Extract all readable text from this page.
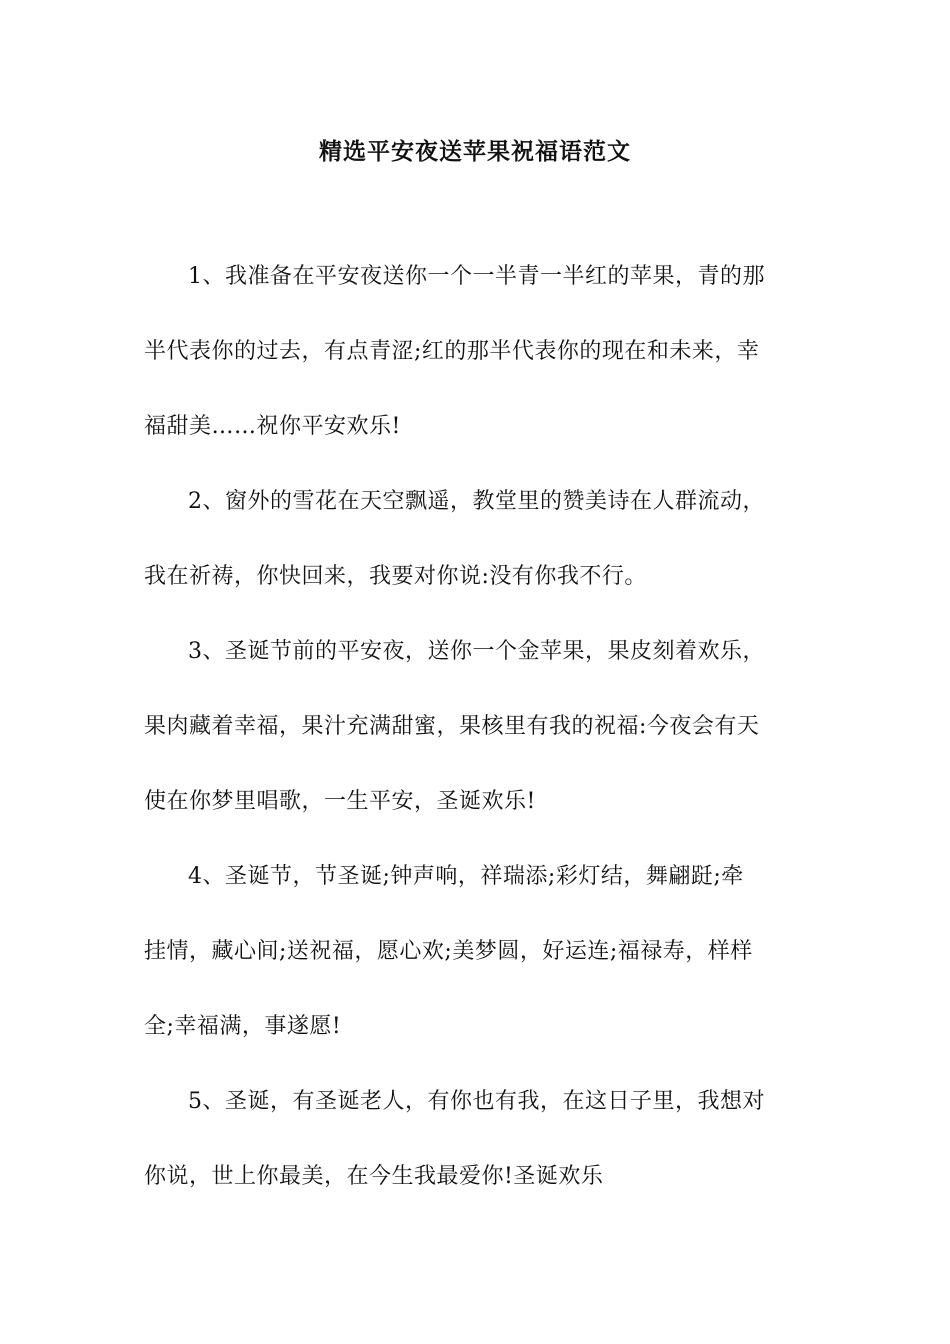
精选平安夜送苹果祝福语范文

1、我准备在平安夜送你一个一半青一半红的苹果，青的那
半代表你的过去，有点青涩;红的那半代表你的现在和未来，幸
福甜美……祝你平安欢乐!

2、窗外的雪花在天空飘遥，教堂里的赞美诗在人群流动，
我在祈祷，你快回来，我要对你说:没有你我不行。

3、圣诞节前的平安夜，送你一个金苹果，果皮刻着欢乐，
果肉藏着幸福，果汁充满甜蜜，果核里有我的祝福:今夜会有天
使在你梦里唱歌，一生平安，圣诞欢乐!

4、圣诞节，节圣诞;钟声响，祥瑞添;彩灯结，舞翩跹;牵
挂情，藏心间;送祝福，愿心欢;美梦圆，好运连;福禄寿，样样
全;幸福满，事遂愿!

5、圣诞，有圣诞老人，有你也有我，在这日子里，我想对
你说，世上你最美，在今生我最爱你!圣诞欢乐
